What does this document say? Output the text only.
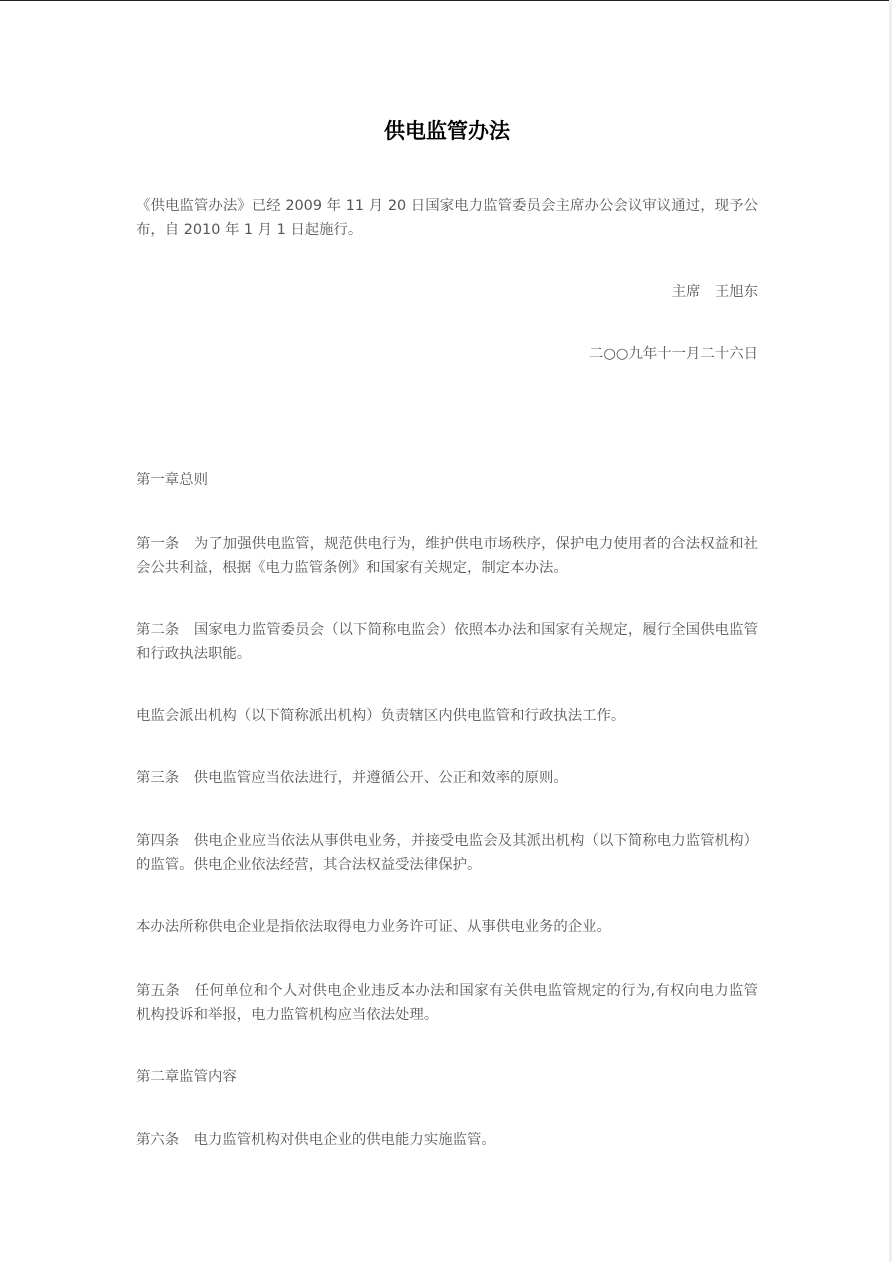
供电监管办法

《供电监管办法》已经 2009 年 11 月 20 日国家电力监管委员会主席办公会议审议通过，现予公布，自 2010 年 1 月 1 日起施行。

主席　王旭东

二○○九年十一月二十六日

第一章总则

第一条　为了加强供电监管，规范供电行为，维护供电市场秩序，保护电力使用者的合法权益和社会公共利益，根据《电力监管条例》和国家有关规定，制定本办法。

第二条　国家电力监管委员会（以下简称电监会）依照本办法和国家有关规定，履行全国供电监管和行政执法职能。

电监会派出机构（以下简称派出机构）负责辖区内供电监管和行政执法工作。

第三条　供电监管应当依法进行，并遵循公开、公正和效率的原则。

第四条　供电企业应当依法从事供电业务，并接受电监会及其派出机构（以下简称电力监管机构）的监管。供电企业依法经营，其合法权益受法律保护。

本办法所称供电企业是指依法取得电力业务许可证、从事供电业务的企业。

第五条　任何单位和个人对供电企业违反本办法和国家有关供电监管规定的行为,有权向电力监管机构投诉和举报，电力监管机构应当依法处理。

第二章监管内容

第六条　电力监管机构对供电企业的供电能力实施监管。
